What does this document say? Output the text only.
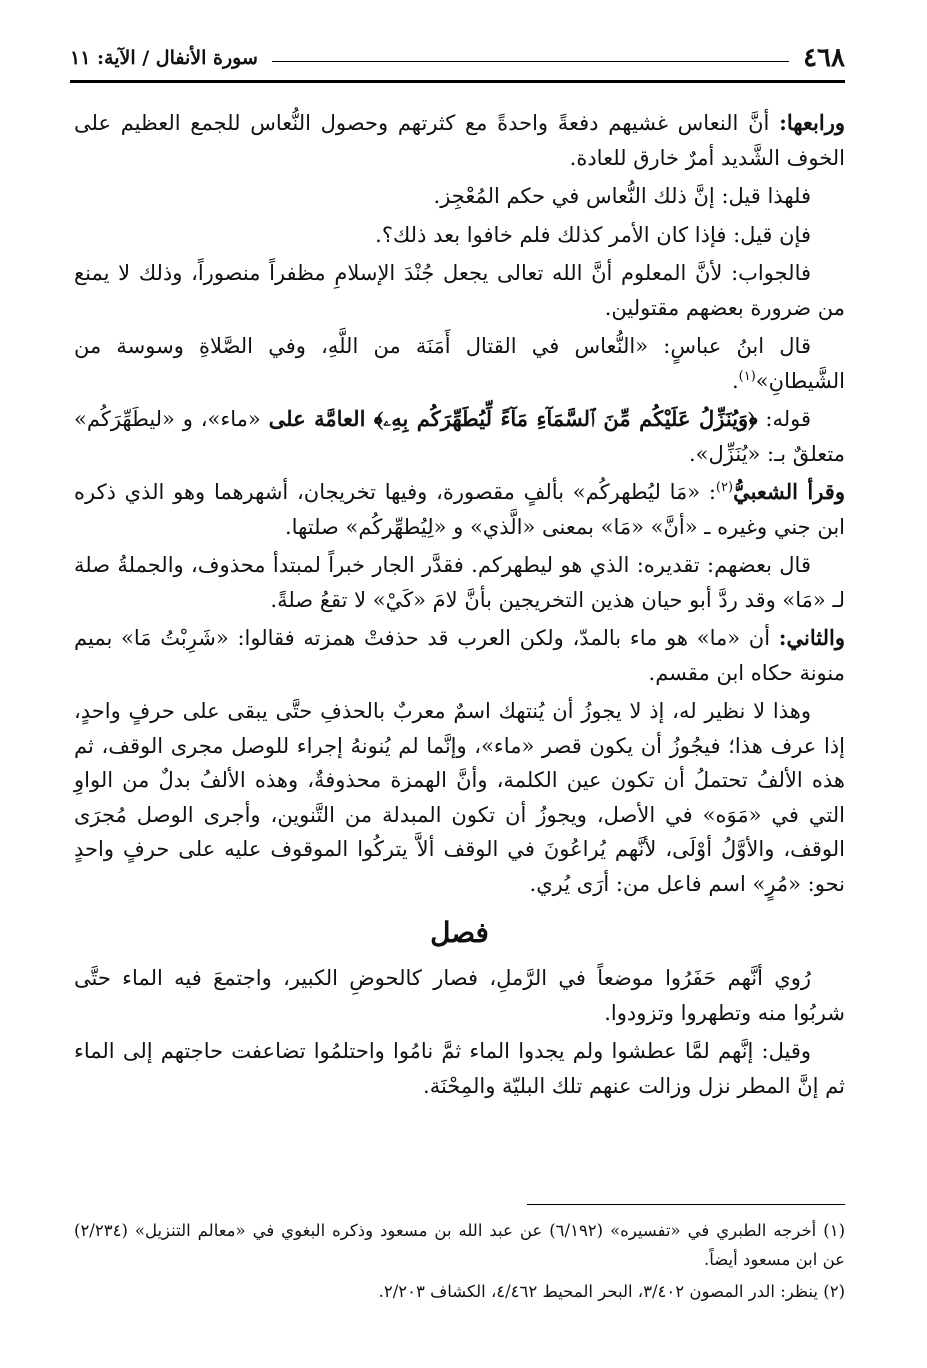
٤٦٨
سورة الأنفال / الآية: ١١

ورابعها: أنَّ النعاس غشيهم دفعةً واحدةً مع كثرتهم وحصول النُّعاس للجمع العظيم على الخوف الشَّديد أمرٌ خارق للعادة.

فلهذا قيل: إنَّ ذلك النُّعاس في حكم المُعْجِز.

فإن قيل: فإذا كان الأمر كذلك فلم خافوا بعد ذلك؟.

فالجواب: لأنَّ المعلوم أنَّ الله تعالى يجعل جُنْدَ الإسلامِ مظفراً منصوراً، وذلك لا يمنع من ضرورة بعضهم مقتولين.

قال ابنُ عباسٍ: «النُّعاس في القتال أَمَنَة من اللَّهِ، وفي الصَّلاةِ وسوسة من الشَّيطانِ»$^{(١)}$.

قوله: ﴿وَيُنَزِّلُ عَلَيْكُم مِّنَ ٱلسَّمَآءِ مَآءً لِّيُطَهِّرَكُم بِهِۦ﴾ العامَّة على «ماء»، و «ليطَهِّرَكُم» متعلقٌ بـ: «يُنَزِّل».

وقرأ الشعبيُّ$^{(٢)}$: «مَا ليُطهركُم» بألفٍ مقصورة، وفيها تخريجان، أشهرهما وهو الذي ذكره ابن جني وغيره ـ «أنَّ» «مَا» بمعنى «الَّذي» و «لِيُطهِّركُم» صلتها.

قال بعضهم: تقديره: الذي هو ليطهركم. فقدَّر الجار خبراً لمبتدأ محذوف، والجملةُ صلة لـ «مَا» وقد ردَّ أبو حيان هذين التخريجين بأنَّ لامَ «كَيْ» لا تقعُ صلةً.

والثاني: أن «ما» هو ماء بالمدّ، ولكن العرب قد حذفتْ همزته فقالوا: «شَرِبْتُ مَا» بميم منونة حكاه ابن مقسم.

وهذا لا نظير له، إذ لا يجوزُ أن يُنتهك اسمٌ معربٌ بالحذفِ حتَّى يبقى على حرفٍ واحدٍ، إذا عرف هذا؛ فيجُوزُ أن يكون قصر «ماء»، وإنَّما لم يُنونهُ إجراء للوصل مجرى الوقف، ثم هذه الألفُ تحتملُ أن تكون عين الكلمة، وأنَّ الهمزة محذوفةٌ، وهذه الألفُ بدلٌ من الواوِ التي في «مَوَه» في الأصل، ويجوزُ أن تكون المبدلة من التَّنوين، وأجرى الوصل مُجرَى الوقف، والأوَّلُ أوْلَى، لأنَّهم يُراعُونَ في الوقف ألاَّ يتركُوا الموقوف عليه على حرفٍ واحدٍ نحو: «مُرٍ» اسم فاعل من: أرَى يُري.

فصل

رُوي أنَّهم حَفَرُوا موضعاً في الرَّملِ، فصار كالحوضِ الكبير، واجتمعَ فيه الماء حتَّى شربُوا منه وتطهروا وتزودوا.

وقيل: إنَّهم لمَّا عطشوا ولم يجدوا الماء ثمَّ نامُوا واحتلمُوا تضاعفت حاجتهم إلى الماء ثم إنَّ المطر نزل وزالت عنهم تلك البليّة والمِحْنَة.

(١) أخرجه الطبري في «تفسيره» (٦/١٩٢) عن عبد الله بن مسعود وذكره البغوي في «معالم التنزيل» (٢/٢٣٤) عن ابن مسعود أيضاً.

(٢) ينظر: الدر المصون ٣/٤٠٢، البحر المحيط ٤/٤٦٢، الكشاف ٢/٢٠٣.
